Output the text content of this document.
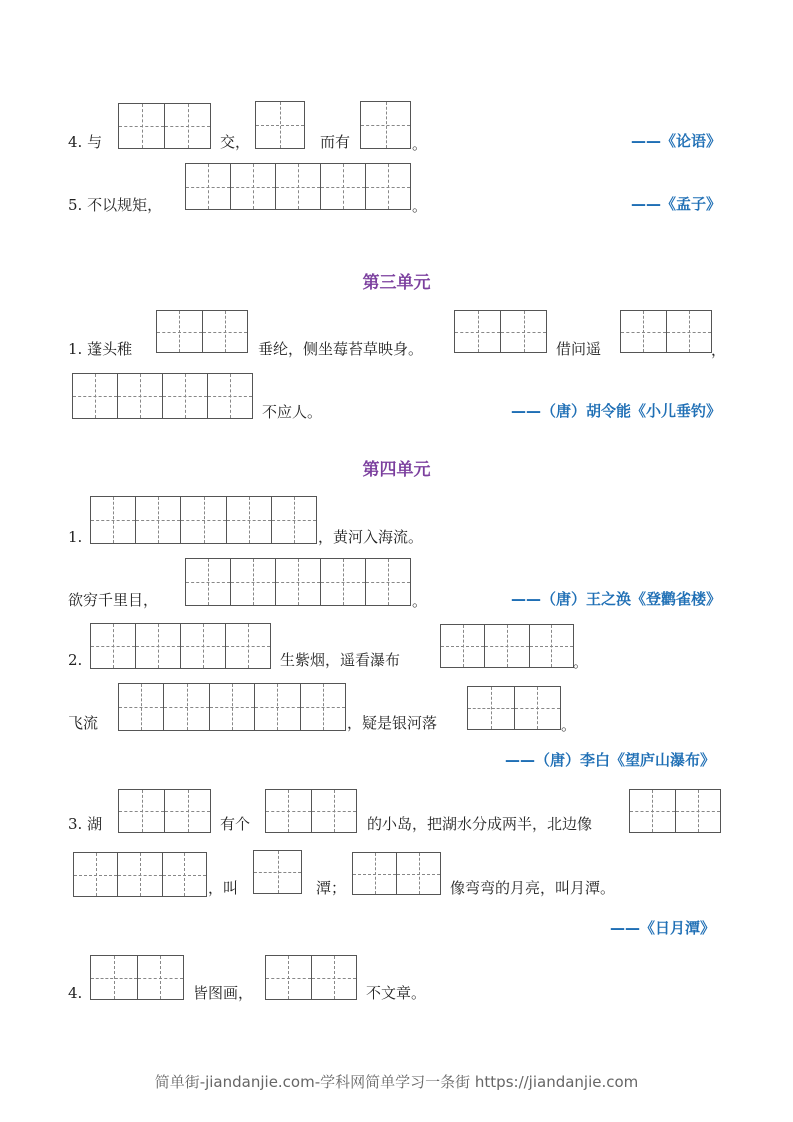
4. 与	交，	而有	。	——《论语》
5. 不以规矩，	。	——《孟子》
第三单元
1. 蓬头稚	垂纶，侧坐莓苔草映身。	借问遥	，
不应人。	——（唐）胡令能《小儿垂钓》
第四单元
1.	，黄河入海流。
欲穷千里目，	。	——（唐）王之涣《登鹳雀楼》
2.	生紫烟，遥看瀑布	。
飞流	，疑是银河落	。
——（唐）李白《望庐山瀑布》
3. 湖	有个	的小岛，把湖水分成两半，北边像
，叫	潭；	像弯弯的月亮，叫月潭。
——《日月潭》
4.	皆图画，	不文章。
简单街-jiandanjie.com-学科网简单学习一条街 https://jiandanjie.com
